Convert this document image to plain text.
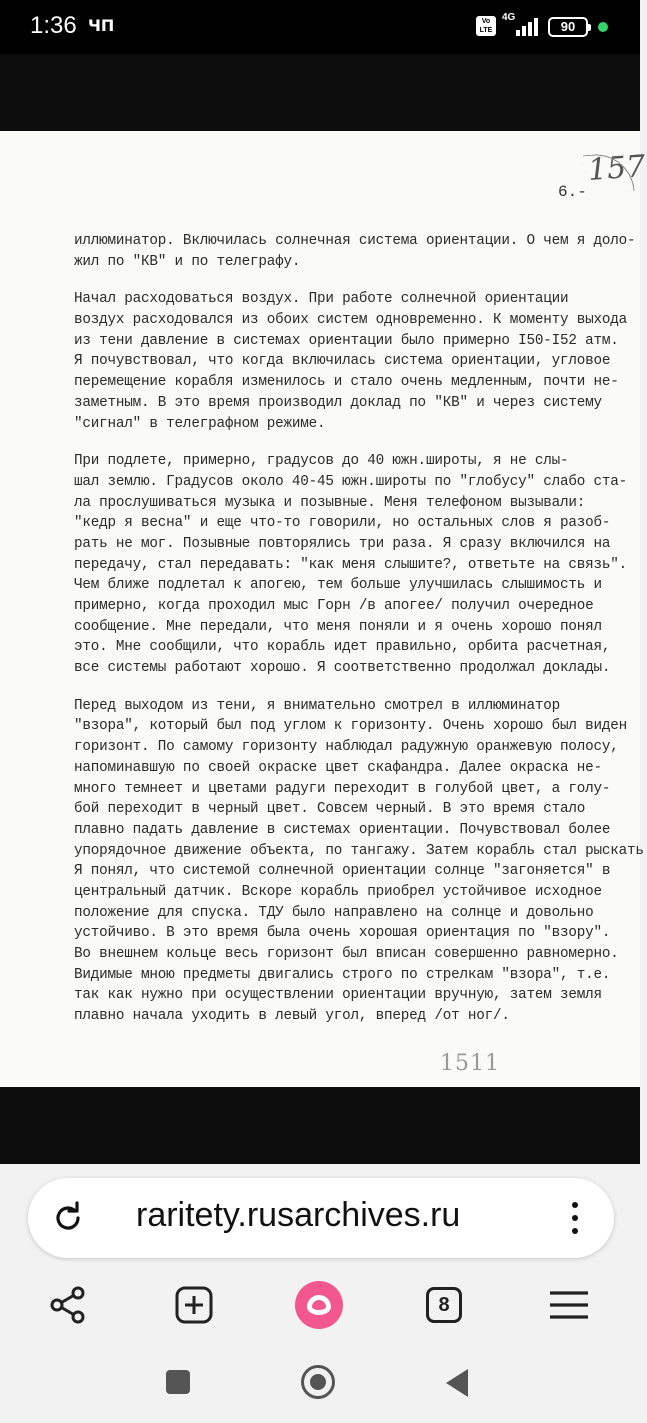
1:36 ЧП	Vo LTE
4G
90
157
6.-
иллюминатор. Включилась солнечная система ориентации. О чем я доло-
жил по "КВ" и по телеграфу.
Начал расходоваться воздух. При работе солнечной ориентации
воздух расходовался из обоих систем одновременно. К моменту выхода
из тени давление в системах ориентации было примерно I50-I52 атм.
Я почувствовал, что когда включилась система ориентации, угловое
перемещение корабля изменилось и стало очень медленным, почти не-
заметным. В это время производил доклад по "КВ" и через систему
"сигнал" в телеграфном режиме.
При подлете, примерно, градусов до 40 южн.широты, я не слы-
шал землю. Градусов около 40-45 южн.широты по "глобусу" слабо ста-
ла прослушиваться музыка и позывные. Меня телефоном вызывали:
"кедр я весна" и еще что-то говорили, но остальных слов я разоб-
рать не мог. Позывные повторялись три раза. Я сразу включился на
передачу, стал передавать: "как меня слышите?, ответьте на связь".
Чем ближе подлетал к апогею, тем больше улучшилась слышимость и
примерно, когда проходил мыс Горн /в апогее/ получил очередное
сообщение. Мне передали, что меня поняли и я очень хорошо понял
это. Мне сообщили, что корабль идет правильно, орбита расчетная,
все системы работают хорошо. Я соответственно продолжал доклады.
Перед выходом из тени, я внимательно смотрел в иллюминатор
"взора", который был под углом к горизонту. Очень хорошо был виден
горизонт. По самому горизонту наблюдал радужную оранжевую полосу,
напоминавшую по своей окраске цвет скафандра. Далее окраска не-
много темнеет и цветами радуги переходит в голубой цвет, а голу-
бой переходит в черный цвет. Совсем черный. В это время стало
плавно падать давление в системах ориентации. Почувствовал более
упорядочное движение объекта, по тангажу. Затем корабль стал рыскать
Я понял, что системой солнечной ориентации солнце "загоняется" в
центральный датчик. Вскоре корабль приобрел устойчивое исходное
положение для спуска. ТДУ было направлено на солнце и довольно
устойчиво. В это время была очень хорошая ориентация по "взору".
Во внешнем кольце весь горизонт был вписан совершенно равномерно.
Видимые мною предметы двигались строго по стрелкам "взора", т.е.
так как нужно при осуществлении ориентации вручную, затем земля
плавно начала уходить в левый угол, вперед /от ног/.
1511
raritety.rusarchives.ru
8
